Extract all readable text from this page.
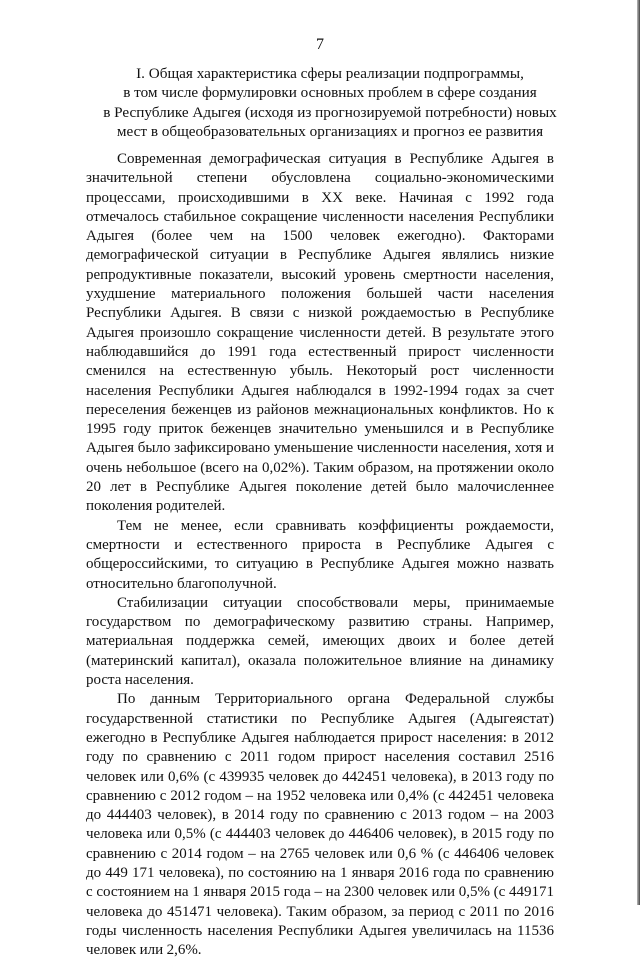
7
I. Общая характеристика сферы реализации подпрограммы,
в том числе формулировки основных проблем в сфере создания
в Республике Адыгея (исходя из прогнозируемой потребности) новых
мест в общеобразовательных организациях и прогноз ее развития

Современная демографическая ситуация в Республике Адыгея в значительной степени обусловлена социально-экономическими процессами, происходившими в XX веке. Начиная с 1992 года отмечалось стабильное сокращение численности населения Республики Адыгея (более чем на 1500 человек ежегодно). Факторами демографической ситуации в Республике Адыгея являлись низкие репродуктивные показатели, высокий уровень смертности населения, ухудшение материального положения большей части населения Республики Адыгея. В связи с низкой рождаемостью в Республике Адыгея произошло сокращение численности детей. В результате этого наблюдавшийся до 1991 года естественный прирост численности сменился на естественную убыль. Некоторый рост численности населения Республики Адыгея наблюдался в 1992-1994 годах за счет переселения беженцев из районов межнациональных конфликтов. Но к 1995 году приток беженцев значительно уменьшился и в Республике Адыгея было зафиксировано уменьшение численности населения, хотя и очень небольшое (всего на 0,02%). Таким образом, на протяжении около 20 лет в Республике Адыгея поколение детей было малочисленнее поколения родителей.

Тем не менее, если сравнивать коэффициенты рождаемости, смертности и естественного прироста в Республике Адыгея с общероссийскими, то ситуацию в Республике Адыгея можно назвать относительно благополучной.

Стабилизации ситуации способствовали меры, принимаемые государством по демографическому развитию страны. Например, материальная поддержка семей, имеющих двоих и более детей (материнский капитал), оказала положительное влияние на динамику роста населения.

По данным Территориального органа Федеральной службы государственной статистики по Республике Адыгея (Адыгеястат) ежегодно в Республике Адыгея наблюдается прирост населения: в 2012 году по сравнению с 2011 годом прирост населения составил 2516 человек или 0,6% (с 439935 человек до 442451 человека), в 2013 году по сравнению с 2012 годом – на 1952 человека или 0,4% (с 442451 человека до 444403 человек), в 2014 году по сравнению с 2013 годом – на 2003 человека или 0,5% (с 444403 человек до 446406 человек), в 2015 году по сравнению с 2014 годом – на 2765 человек или 0,6 % (с 446406 человек до 449 171 человека), по состоянию на 1 января 2016 года по сравнению с состоянием на 1 января 2015 года – на 2300 человек или 0,5% (с 449171 человека до 451471 человека). Таким образом, за период с 2011 по 2016 годы численность населения Республики Адыгея увеличилась на 11536 человек или 2,6%.
